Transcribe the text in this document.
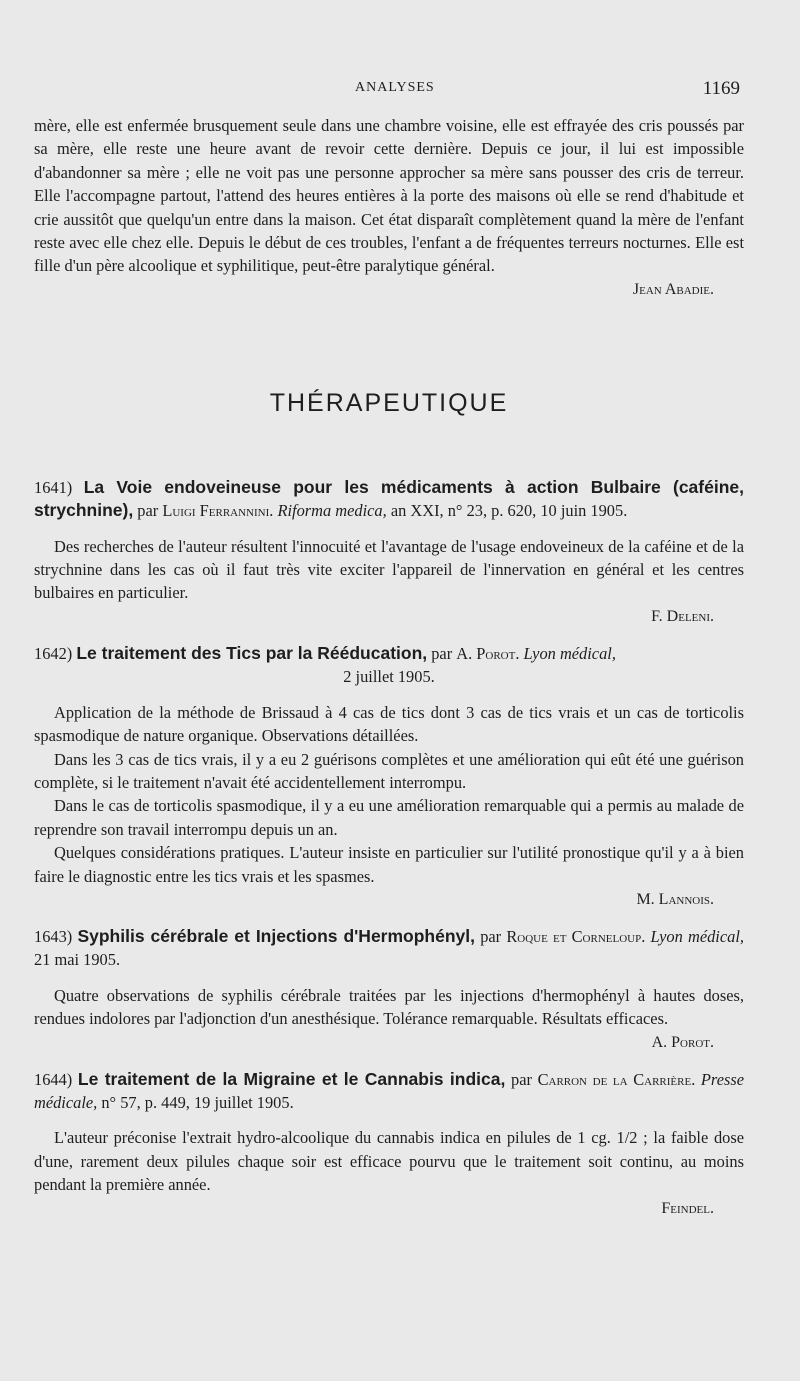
ANALYSES	1169

mère, elle est enfermée brusquement seule dans une chambre voisine, elle est effrayée des cris poussés par sa mère, elle reste une heure avant de revoir cette dernière. Depuis ce jour, il lui est impossible d'abandonner sa mère ; elle ne voit pas une personne approcher sa mère sans pousser des cris de terreur. Elle l'accompagne partout, l'attend des heures entières à la porte des maisons où elle se rend d'habitude et crie aussitôt que quelqu'un entre dans la maison. Cet état disparaît complètement quand la mère de l'enfant reste avec elle chez elle. Depuis le début de ces troubles, l'enfant a de fréquentes terreurs nocturnes. Elle est fille d'un père alcoolique et syphilitique, peut-être paralytique général.

Jean Abadie.

THÉRAPEUTIQUE
1641) La Voie endoveineuse pour les médicaments à action Bulbaire (caféine, strychnine), par Luigi Ferrannini. Riforma medica, an XXI, n° 23, p. 620, 10 juin 1905.

Des recherches de l'auteur résultent l'innocuité et l'avantage de l'usage endoveineux de la caféine et de la strychnine dans les cas où il faut très vite exciter l'appareil de l'innervation en général et les centres bulbaires en particulier.

F. Deleni.

1642) Le traitement des Tics par la Rééducation, par A. Porot. Lyon médical,
2 juillet 1905.

Application de la méthode de Brissaud à 4 cas de tics dont 3 cas de tics vrais et un cas de torticolis spasmodique de nature organique. Observations détaillées.

Dans les 3 cas de tics vrais, il y a eu 2 guérisons complètes et une amélioration qui eût été une guérison complète, si le traitement n'avait été accidentellement interrompu.

Dans le cas de torticolis spasmodique, il y a eu une amélioration remarquable qui a permis au malade de reprendre son travail interrompu depuis un an.

Quelques considérations pratiques. L'auteur insiste en particulier sur l'utilité pronostique qu'il y a à bien faire le diagnostic entre les tics vrais et les spasmes.

M. Lannois.

1643) Syphilis cérébrale et Injections d'Hermophényl, par Roque et Corneloup. Lyon médical, 21 mai 1905.

Quatre observations de syphilis cérébrale traitées par les injections d'hermophényl à hautes doses, rendues indolores par l'adjonction d'un anesthésique. Tolérance remarquable. Résultats efficaces.

A. Porot.

1644) Le traitement de la Migraine et le Cannabis indica, par Carron de la Carrière. Presse médicale, n° 57, p. 449, 19 juillet 1905.

L'auteur préconise l'extrait hydro-alcoolique du cannabis indica en pilules de 1 cg. 1/2 ; la faible dose d'une, rarement deux pilules chaque soir est efficace pourvu que le traitement soit continu, au moins pendant la première année.

Feindel.
